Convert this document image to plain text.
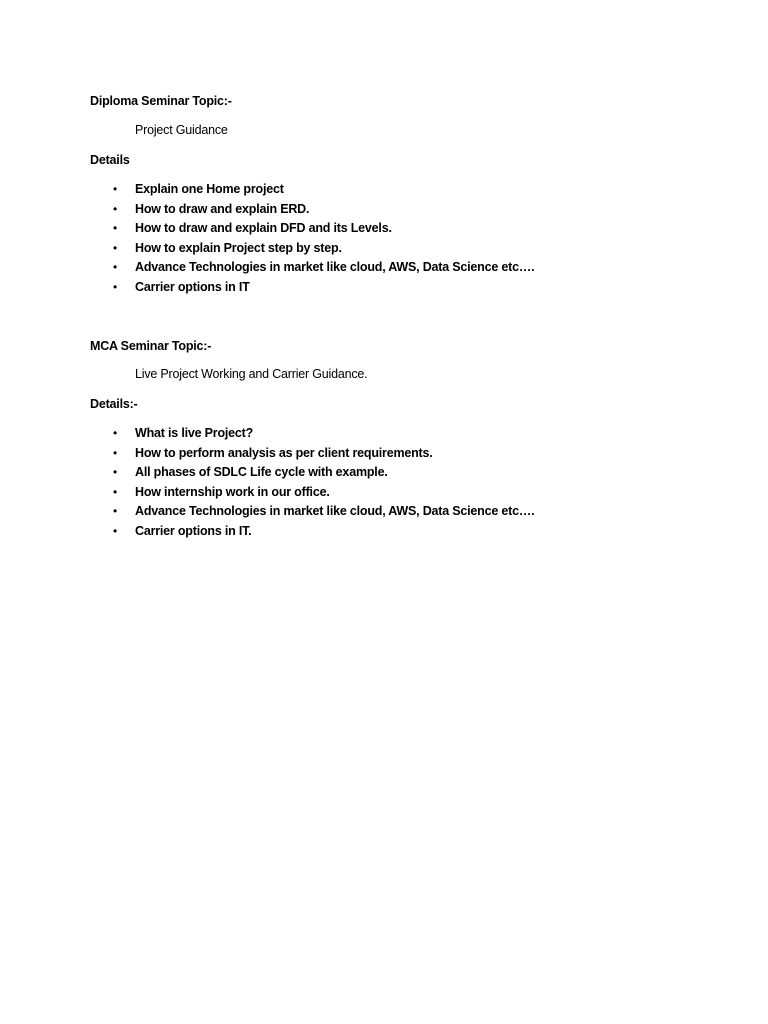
Diploma Seminar Topic:-
Project Guidance
Details
•	Explain one Home project
•	How to draw and explain ERD.
•	How to draw and explain DFD and its Levels.
•	How to explain Project step by step.
•	Advance Technologies in market like cloud, AWS, Data Science etc….
•	Carrier options in IT
MCA Seminar Topic:-
Live Project Working and Carrier Guidance.
Details:-
•	What is live Project?
•	How to perform analysis as per client requirements.
•	All phases of SDLC Life cycle with example.
•	How internship work in our office.
•	Advance Technologies in market like cloud, AWS, Data Science etc….
•	Carrier options in IT.
